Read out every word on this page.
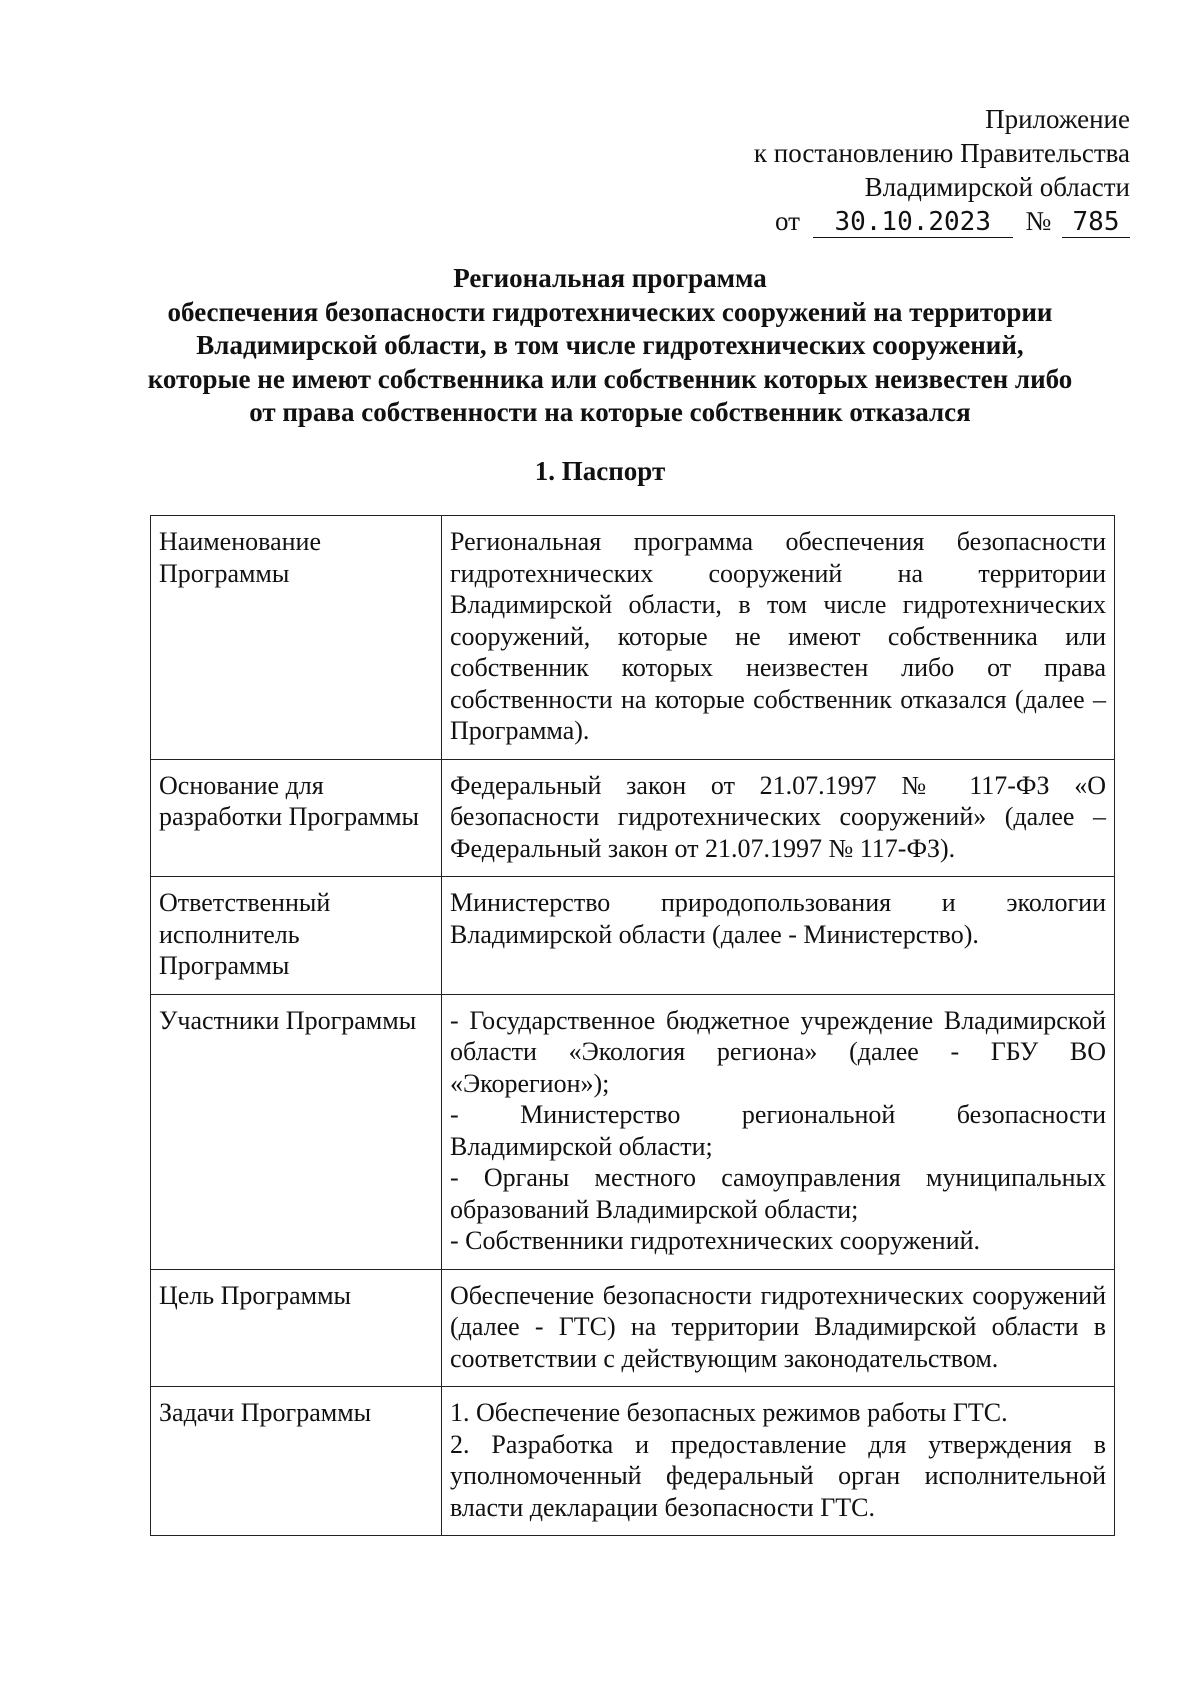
Приложение
к постановлению Правительства
Владимирской области
от 30.10.2023 № 785
Региональная программа
обеспечения безопасности гидротехнических сооружений на территории
Владимирской области, в том числе гидротехнических сооружений,
которые не имеют собственника или собственник которых неизвестен либо
от права собственности на которые собственник отказался
1. Паспорт
Наименование Программы	Региональная программа обеспечения безопасности гидротехнических сооружений на территории Владимирской области, в том числе гидротехнических сооружений, которые не имеют собственника или собственник которых неизвестен либо от права собственности на которые собственник отказался (далее – Программа).

Основание для разработки Программы	Федеральный закон от 21.07.1997 № 117-ФЗ «О безопасности гидротехнических сооружений» (далее – Федеральный закон от 21.07.1997 № 117-ФЗ).

Ответственный исполнитель Программы	Министерство природопользования и экологии Владимирской области (далее - Министерство).

Участники Программы	- Государственное бюджетное учреждение Владимирской области «Экология региона» (далее - ГБУ ВО «Экорегион»);
- Министерство региональной безопасности Владимирской области;
- Органы местного самоуправления муниципальных образований Владимирской области;
- Собственники гидротехнических сооружений.

Цель Программы	Обеспечение безопасности гидротехнических сооружений (далее - ГТС) на территории Владимирской области в соответствии с действующим законодательством.

Задачи Программы	1. Обеспечение безопасных режимов работы ГТС.
2. Разработка и предоставление для утверждения в уполномоченный федеральный орган исполнительной власти декларации безопасности ГТС.
